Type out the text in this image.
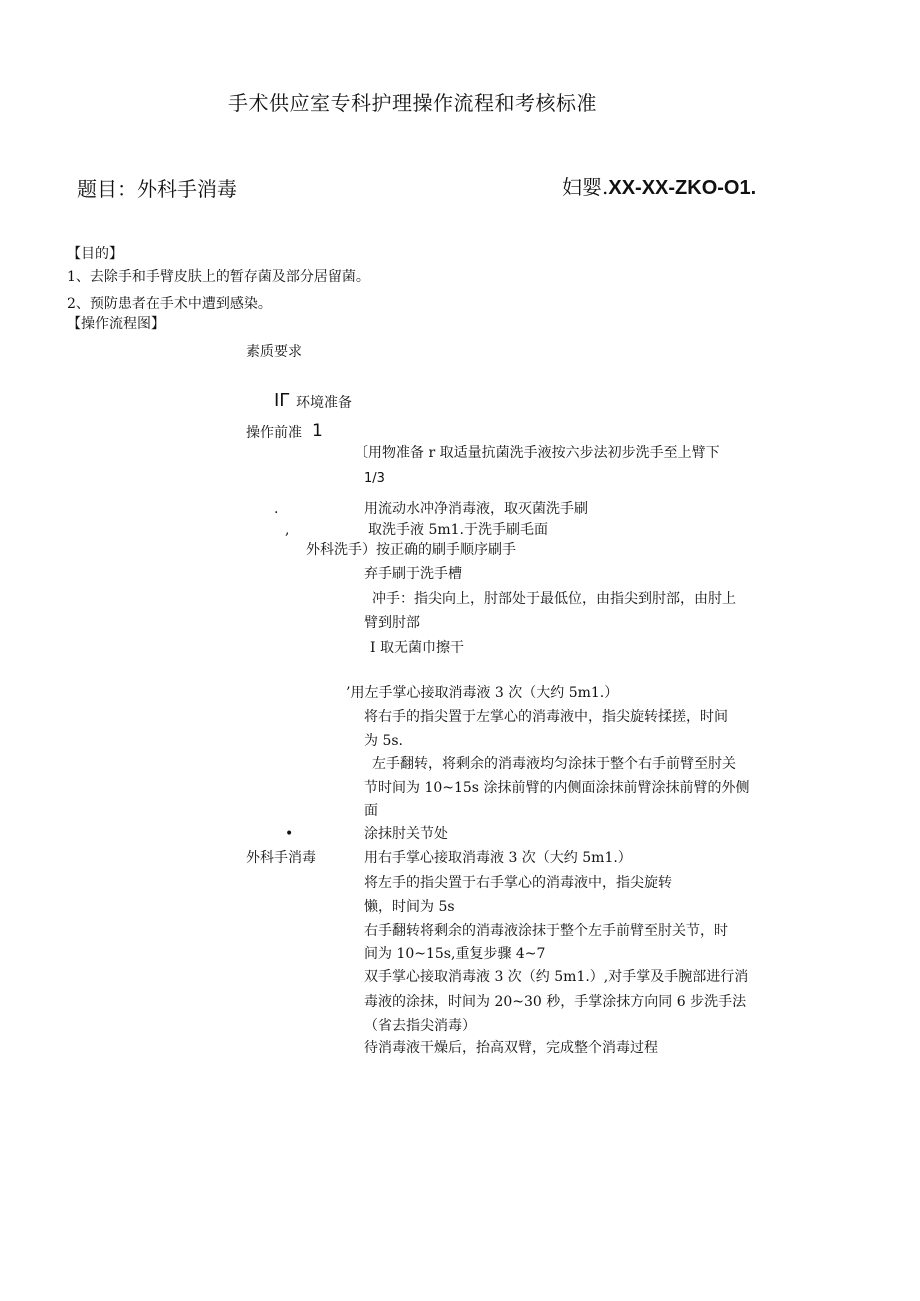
手术供应室专科护理操作流程和考核标准
题目：外科手消毒	妇婴.XX-XX-ZKO-O1.
【目的】
1、去除手和手臂皮肤上的暂存菌及部分居留菌。
2、预防患者在手术中遭到感染。
【操作流程图】
素质要求
IΓ 环境准备
操作前准 1
〔用物准备 r 取适量抗菌洗手液按六步法初步洗手至上臂下
1/3
.	用流动水冲净消毒液，取灭菌洗手刷
,	取洗手液 5m1.于洗手刷毛面
外科洗手）按正确的刷手顺序刷手
弃手刷于洗手槽
冲手：指尖向上，肘部处于最低位，由指尖到肘部，由肘上
臂到肘部
I 取无菌巾擦干
’用左手掌心接取消毒液 3 次（大约 5m1.）
将右手的指尖置于左掌心的消毒液中，指尖旋转揉搓，时间
为 5s.
左手翻转，将剩余的消毒液均匀涂抹于整个右手前臂至肘关
节时间为 10~15s 涂抹前臂的内侧面涂抹前臂涂抹前臂的外侧
面
•	涂抹肘关节处
外科手消毒	用右手掌心接取消毒液 3 次（大约 5m1.）
将左手的指尖置于右手掌心的消毒液中，指尖旋转
懒，时间为 5s
右手翻转将剩余的消毒液涂抹于整个左手前臂至肘关节，时
间为 10~15s,重复步骤 4~7
双手掌心接取消毒液 3 次（约 5m1.）,对手掌及手腕部进行消
毒液的涂抹，时间为 20~30 秒，手掌涂抹方向同 6 步洗手法
（省去指尖消毒）
待消毒液干燥后，抬高双臂，完成整个消毒过程
